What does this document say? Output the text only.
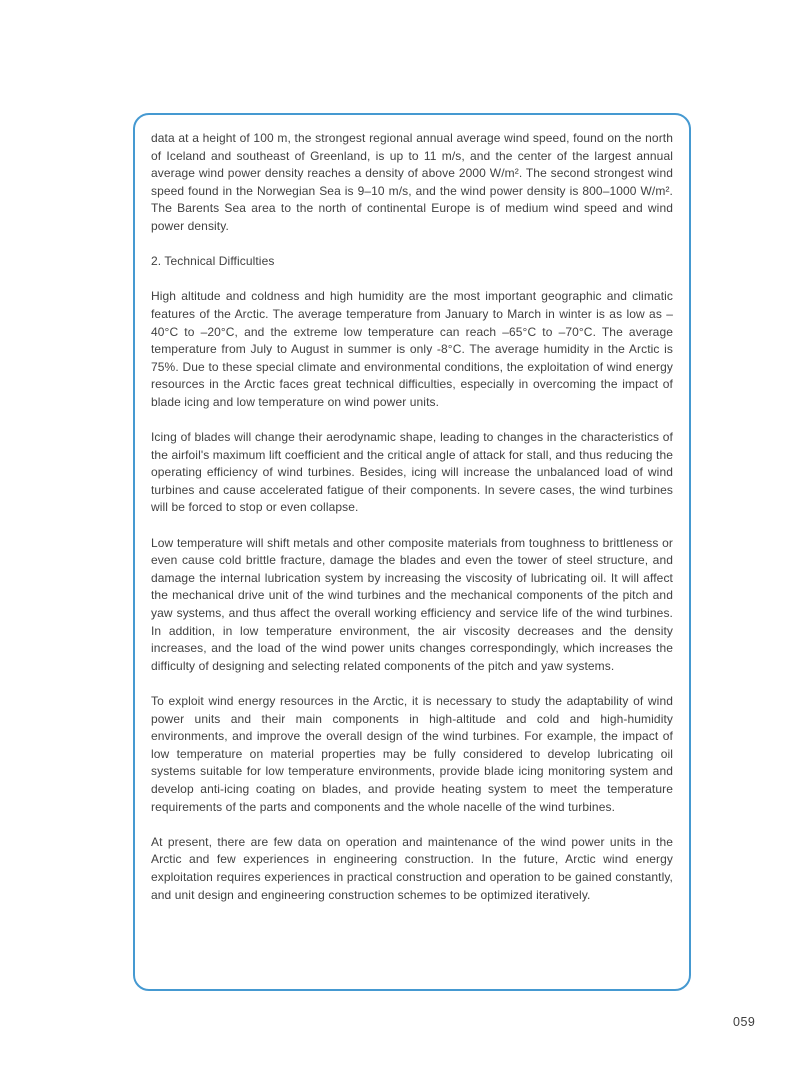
data at a height of 100 m, the strongest regional annual average wind speed, found on the north of Iceland and southeast of Greenland, is up to 11 m/s, and the center of the largest annual average wind power density reaches a density of above 2000 W/m². The second strongest wind speed found in the Norwegian Sea is 9–10 m/s, and the wind power density is 800–1000 W/m². The Barents Sea area to the north of continental Europe is of medium wind speed and wind power density.

2. Technical Difficulties

High altitude and coldness and high humidity are the most important geographic and climatic features of the Arctic. The average temperature from January to March in winter is as low as –40°C to –20°C, and the extreme low temperature can reach –65°C to –70°C. The average temperature from July to August in summer is only -8°C. The average humidity in the Arctic is 75%. Due to these special climate and environmental conditions, the exploitation of wind energy resources in the Arctic faces great technical difficulties, especially in overcoming the impact of blade icing and low temperature on wind power units.

Icing of blades will change their aerodynamic shape, leading to changes in the characteristics of the airfoil's maximum lift coefficient and the critical angle of attack for stall, and thus reducing the operating efficiency of wind turbines. Besides, icing will increase the unbalanced load of wind turbines and cause accelerated fatigue of their components. In severe cases, the wind turbines will be forced to stop or even collapse.

Low temperature will shift metals and other composite materials from toughness to brittleness or even cause cold brittle fracture, damage the blades and even the tower of steel structure, and damage the internal lubrication system by increasing the viscosity of lubricating oil. It will affect the mechanical drive unit of the wind turbines and the mechanical components of the pitch and yaw systems, and thus affect the overall working efficiency and service life of the wind turbines. In addition, in low temperature environment, the air viscosity decreases and the density increases, and the load of the wind power units changes correspondingly, which increases the difficulty of designing and selecting related components of the pitch and yaw systems.

To exploit wind energy resources in the Arctic, it is necessary to study the adaptability of wind power units and their main components in high-altitude and cold and high-humidity environments, and improve the overall design of the wind turbines. For example, the impact of low temperature on material properties may be fully considered to develop lubricating oil systems suitable for low temperature environments, provide blade icing monitoring system and develop anti-icing coating on blades, and provide heating system to meet the temperature requirements of the parts and components and the whole nacelle of the wind turbines.

At present, there are few data on operation and maintenance of the wind power units in the Arctic and few experiences in engineering construction. In the future, Arctic wind energy exploitation requires experiences in practical construction and operation to be gained constantly, and unit design and engineering construction schemes to be optimized iteratively.

059
